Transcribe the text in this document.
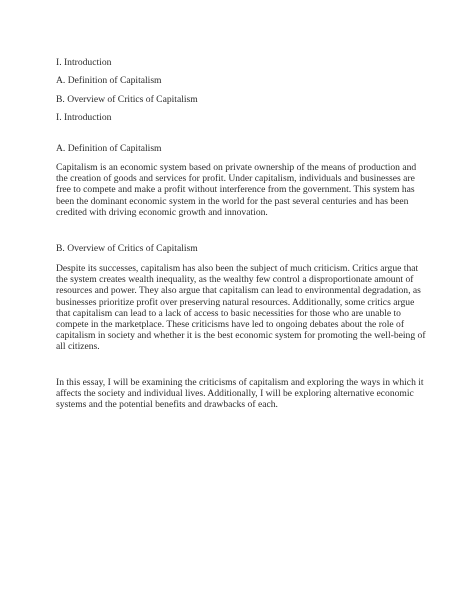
I. Introduction
A. Definition of Capitalism
B. Overview of Critics of Capitalism
I. Introduction
A. Definition of Capitalism
Capitalism is an economic system based on private ownership of the means of production and
the creation of goods and services for profit. Under capitalism, individuals and businesses are
free to compete and make a profit without interference from the government. This system has
been the dominant economic system in the world for the past several centuries and has been
credited with driving economic growth and innovation.
B. Overview of Critics of Capitalism
Despite its successes, capitalism has also been the subject of much criticism. Critics argue that
the system creates wealth inequality, as the wealthy few control a disproportionate amount of
resources and power. They also argue that capitalism can lead to environmental degradation, as
businesses prioritize profit over preserving natural resources. Additionally, some critics argue
that capitalism can lead to a lack of access to basic necessities for those who are unable to
compete in the marketplace. These criticisms have led to ongoing debates about the role of
capitalism in society and whether it is the best economic system for promoting the well-being of
all citizens.
In this essay, I will be examining the criticisms of capitalism and exploring the ways in which it
affects the society and individual lives. Additionally, I will be exploring alternative economic
systems and the potential benefits and drawbacks of each.
